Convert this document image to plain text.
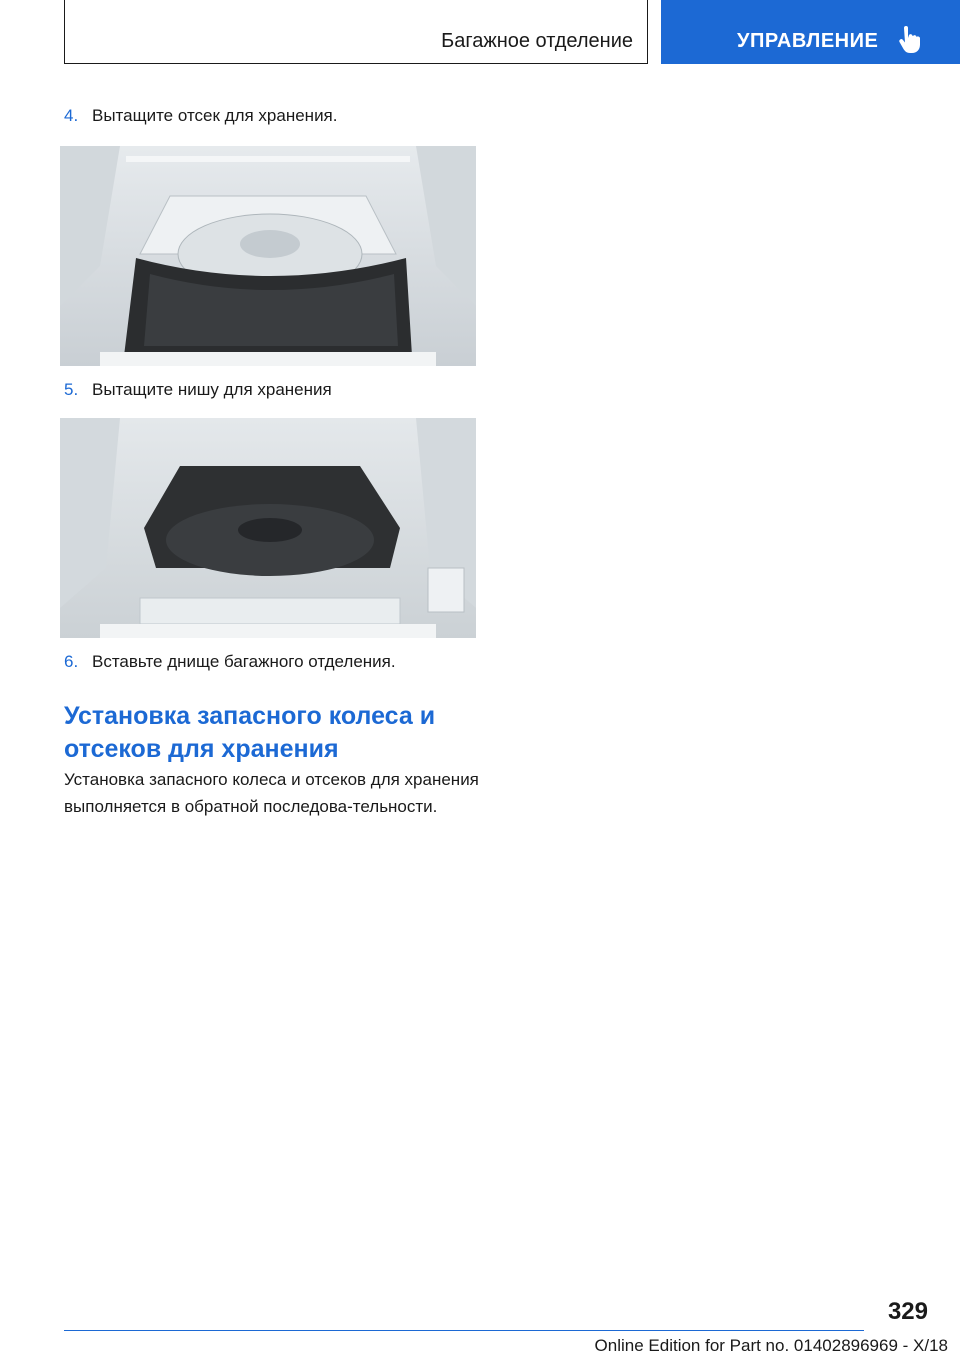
Багажное отделение	УПРАВЛЕНИЕ
4. Вытащите отсек для хранения.
5. Вытащите нишу для хранения
6. Вставьте днище багажного отделения.
Установка запасного колеса и отсеков для хранения

Установка запасного колеса и отсеков для хранения выполняется в обратной последова-тельности.

329
Online Edition for Part no. 01402896969 - X/18
